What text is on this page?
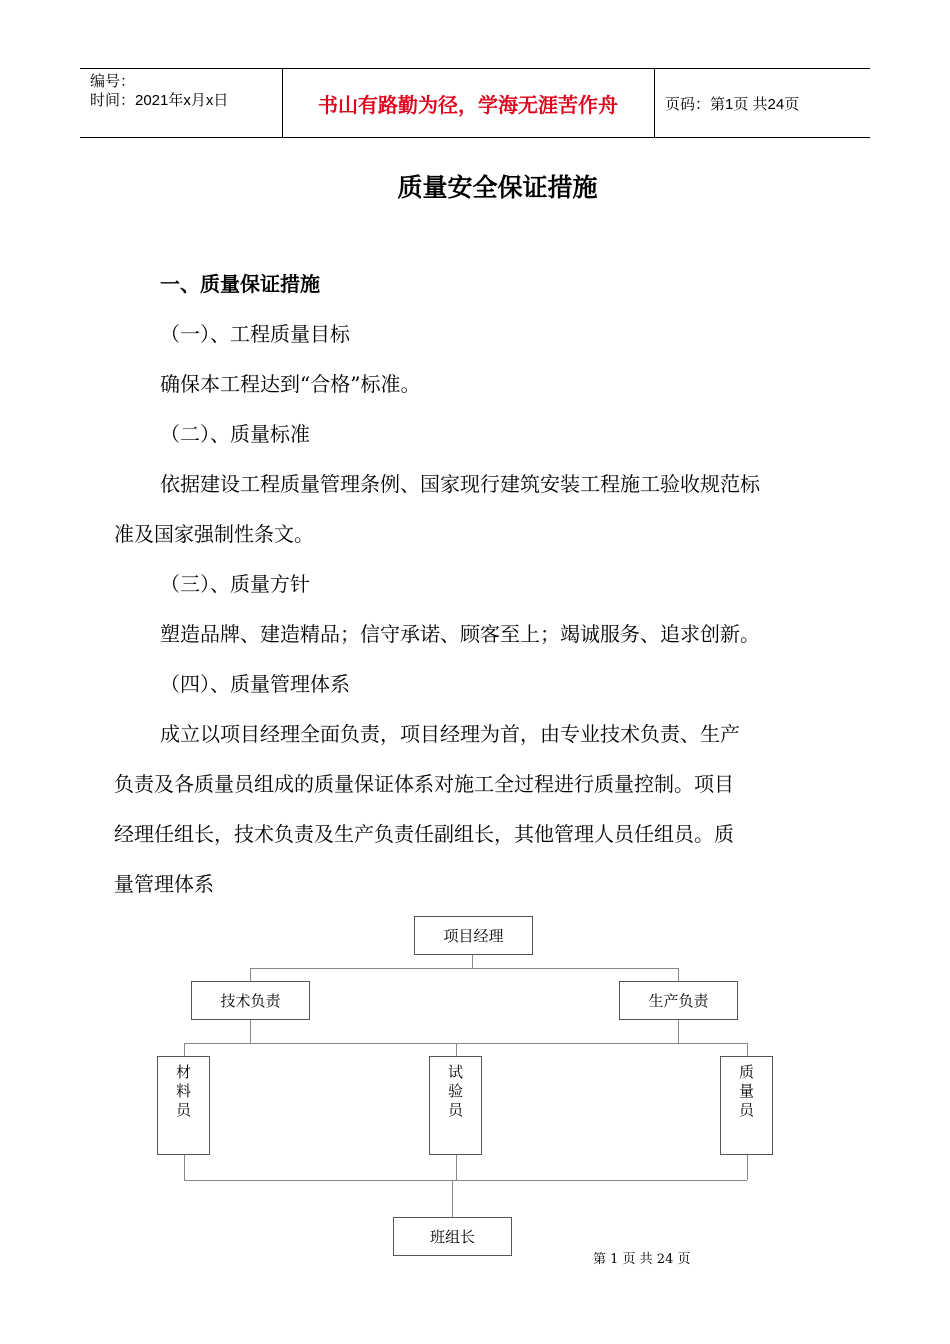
编号：
时间：2021年x月x日	书山有路勤为径，学海无涯苦作舟	页码：第1页 共24页
质量安全保证措施
一、质量保证措施
（一）、工程质量目标
确保本工程达到“合格”标准。
（二）、质量标准
依据建设工程质量管理条例、国家现行建筑安装工程施工验收规范标
准及国家强制性条文。
（三）、质量方针
塑造品牌、建造精品；信守承诺、顾客至上；竭诚服务、追求创新。
（四）、质量管理体系
成立以项目经理全面负责，项目经理为首，由专业技术负责、生产
负责及各质量员组成的质量保证体系对施工全过程进行质量控制。项目
经理任组长，技术负责及生产负责任副组长，其他管理人员任组员。质
量管理体系
项目经理
技术负责	生产负责
材
料
员
试
验
员
质
量
员
班组长
第 1 页 共 24 页
